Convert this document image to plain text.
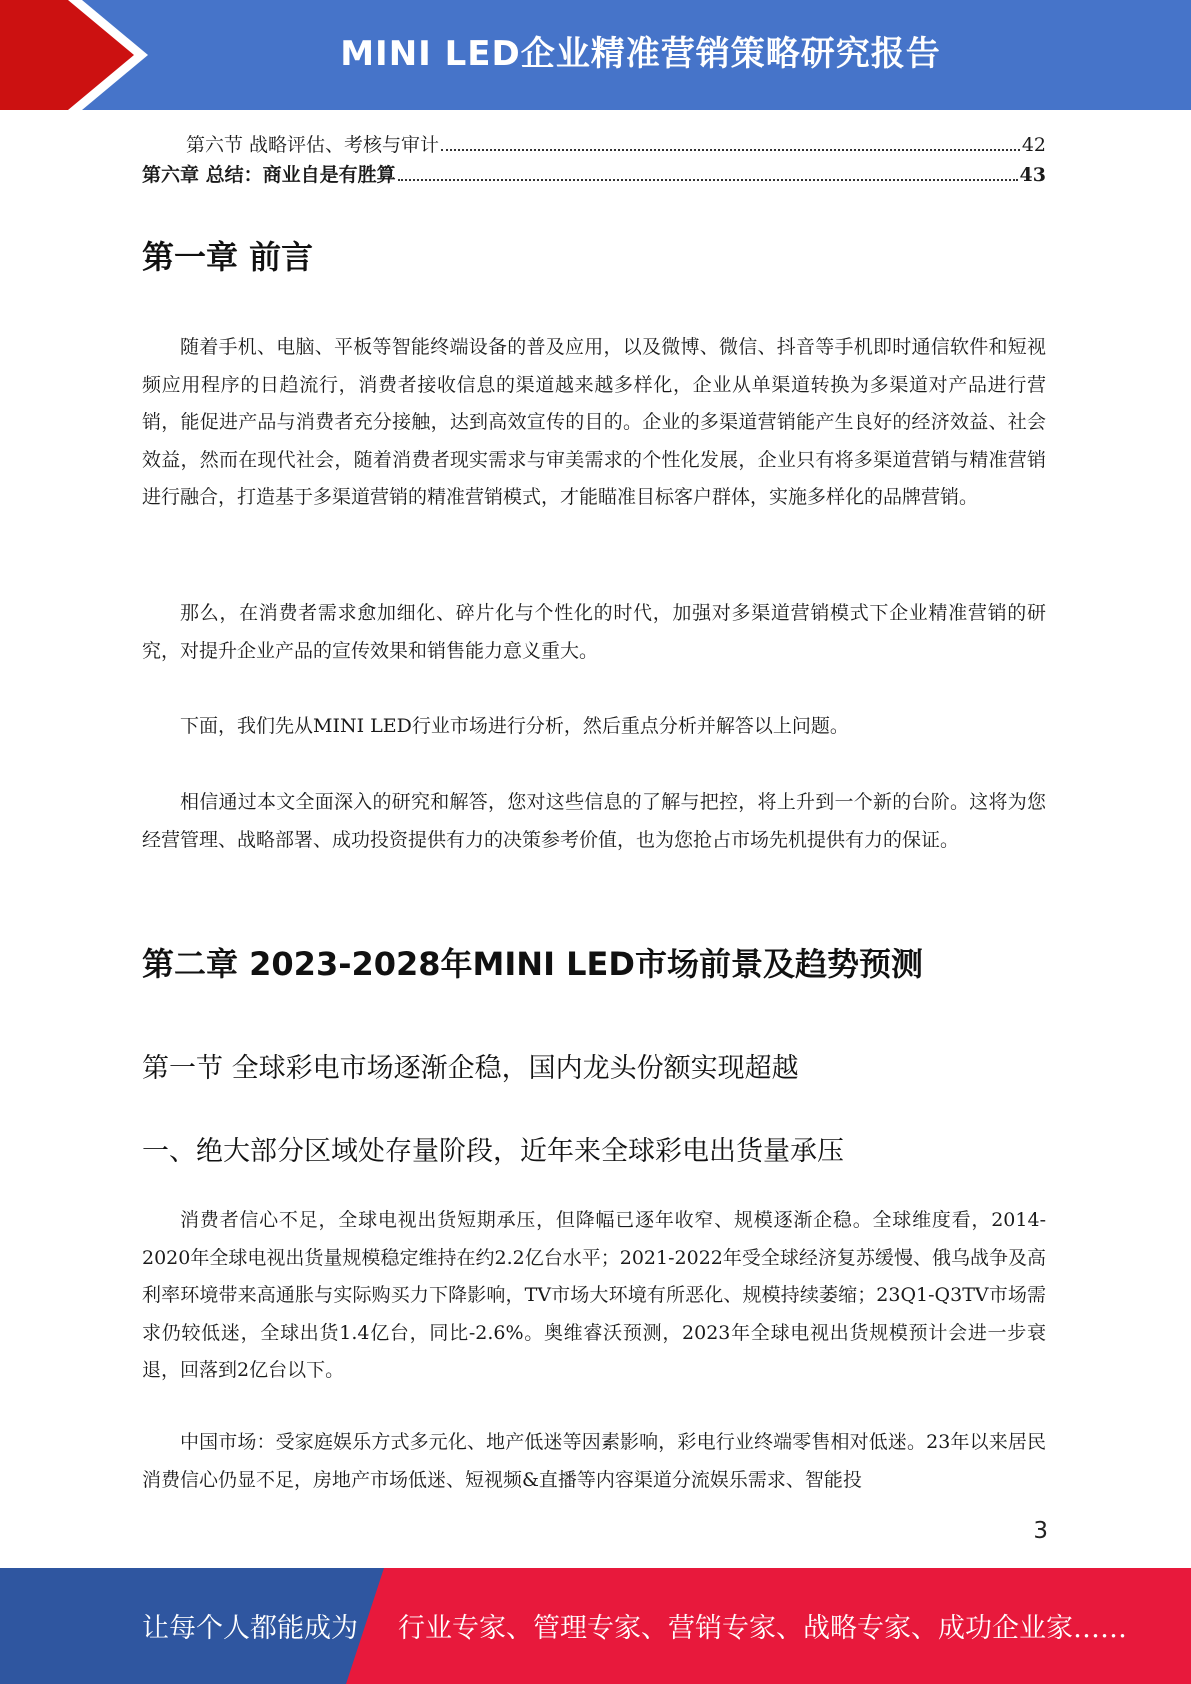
MINI LED企业精准营销策略研究报告
第六节 战略评估、考核与审计	42
第六章 总结：商业自是有胜算	43
第一章 前言

随着手机、电脑、平板等智能终端设备的普及应用，以及微博、微信、抖音等手机即时通信软件和短视频应用程序的日趋流行，消费者接收信息的渠道越来越多样化，企业从单渠道转换为多渠道对产品进行营销，能促进产品与消费者充分接触，达到高效宣传的目的。企业的多渠道营销能产生良好的经济效益、社会效益，然而在现代社会，随着消费者现实需求与审美需求的个性化发展，企业只有将多渠道营销与精准营销进行融合，打造基于多渠道营销的精准营销模式，才能瞄准目标客户群体，实施多样化的品牌营销。

那么，在消费者需求愈加细化、碎片化与个性化的时代，加强对多渠道营销模式下企业精准营销的研究，对提升企业产品的宣传效果和销售能力意义重大。

下面，我们先从MINI LED行业市场进行分析，然后重点分析并解答以上问题。

相信通过本文全面深入的研究和解答，您对这些信息的了解与把控，将上升到一个新的台阶。这将为您经营管理、战略部署、成功投资提供有力的决策参考价值，也为您抢占市场先机提供有力的保证。

第二章 2023-2028年MINI LED市场前景及趋势预测
第一节 全球彩电市场逐渐企稳，国内龙头份额实现超越
一、绝大部分区域处存量阶段，近年来全球彩电出货量承压

消费者信心不足，全球电视出货短期承压，但降幅已逐年收窄、规模逐渐企稳。全球维度看，2014-2020年全球电视出货量规模稳定维持在约2.2亿台水平；2021-2022年受全球经济复苏缓慢、俄乌战争及高利率环境带来高通胀与实际购买力下降影响，TV市场大环境有所恶化、规模持续萎缩；23Q1-Q3TV市场需求仍较低迷，全球出货1.4亿台，同比-2.6%。奥维睿沃预测，2023年全球电视出货规模预计会进一步衰退，回落到2亿台以下。

中国市场：受家庭娱乐方式多元化、地产低迷等因素影响，彩电行业终端零售相对低迷。23年以来居民消费信心仍显不足，房地产市场低迷、短视频&直播等内容渠道分流娱乐需求、智能投

3
让每个人都能成为 行业专家、管理专家、营销专家、战略专家、成功企业家……
